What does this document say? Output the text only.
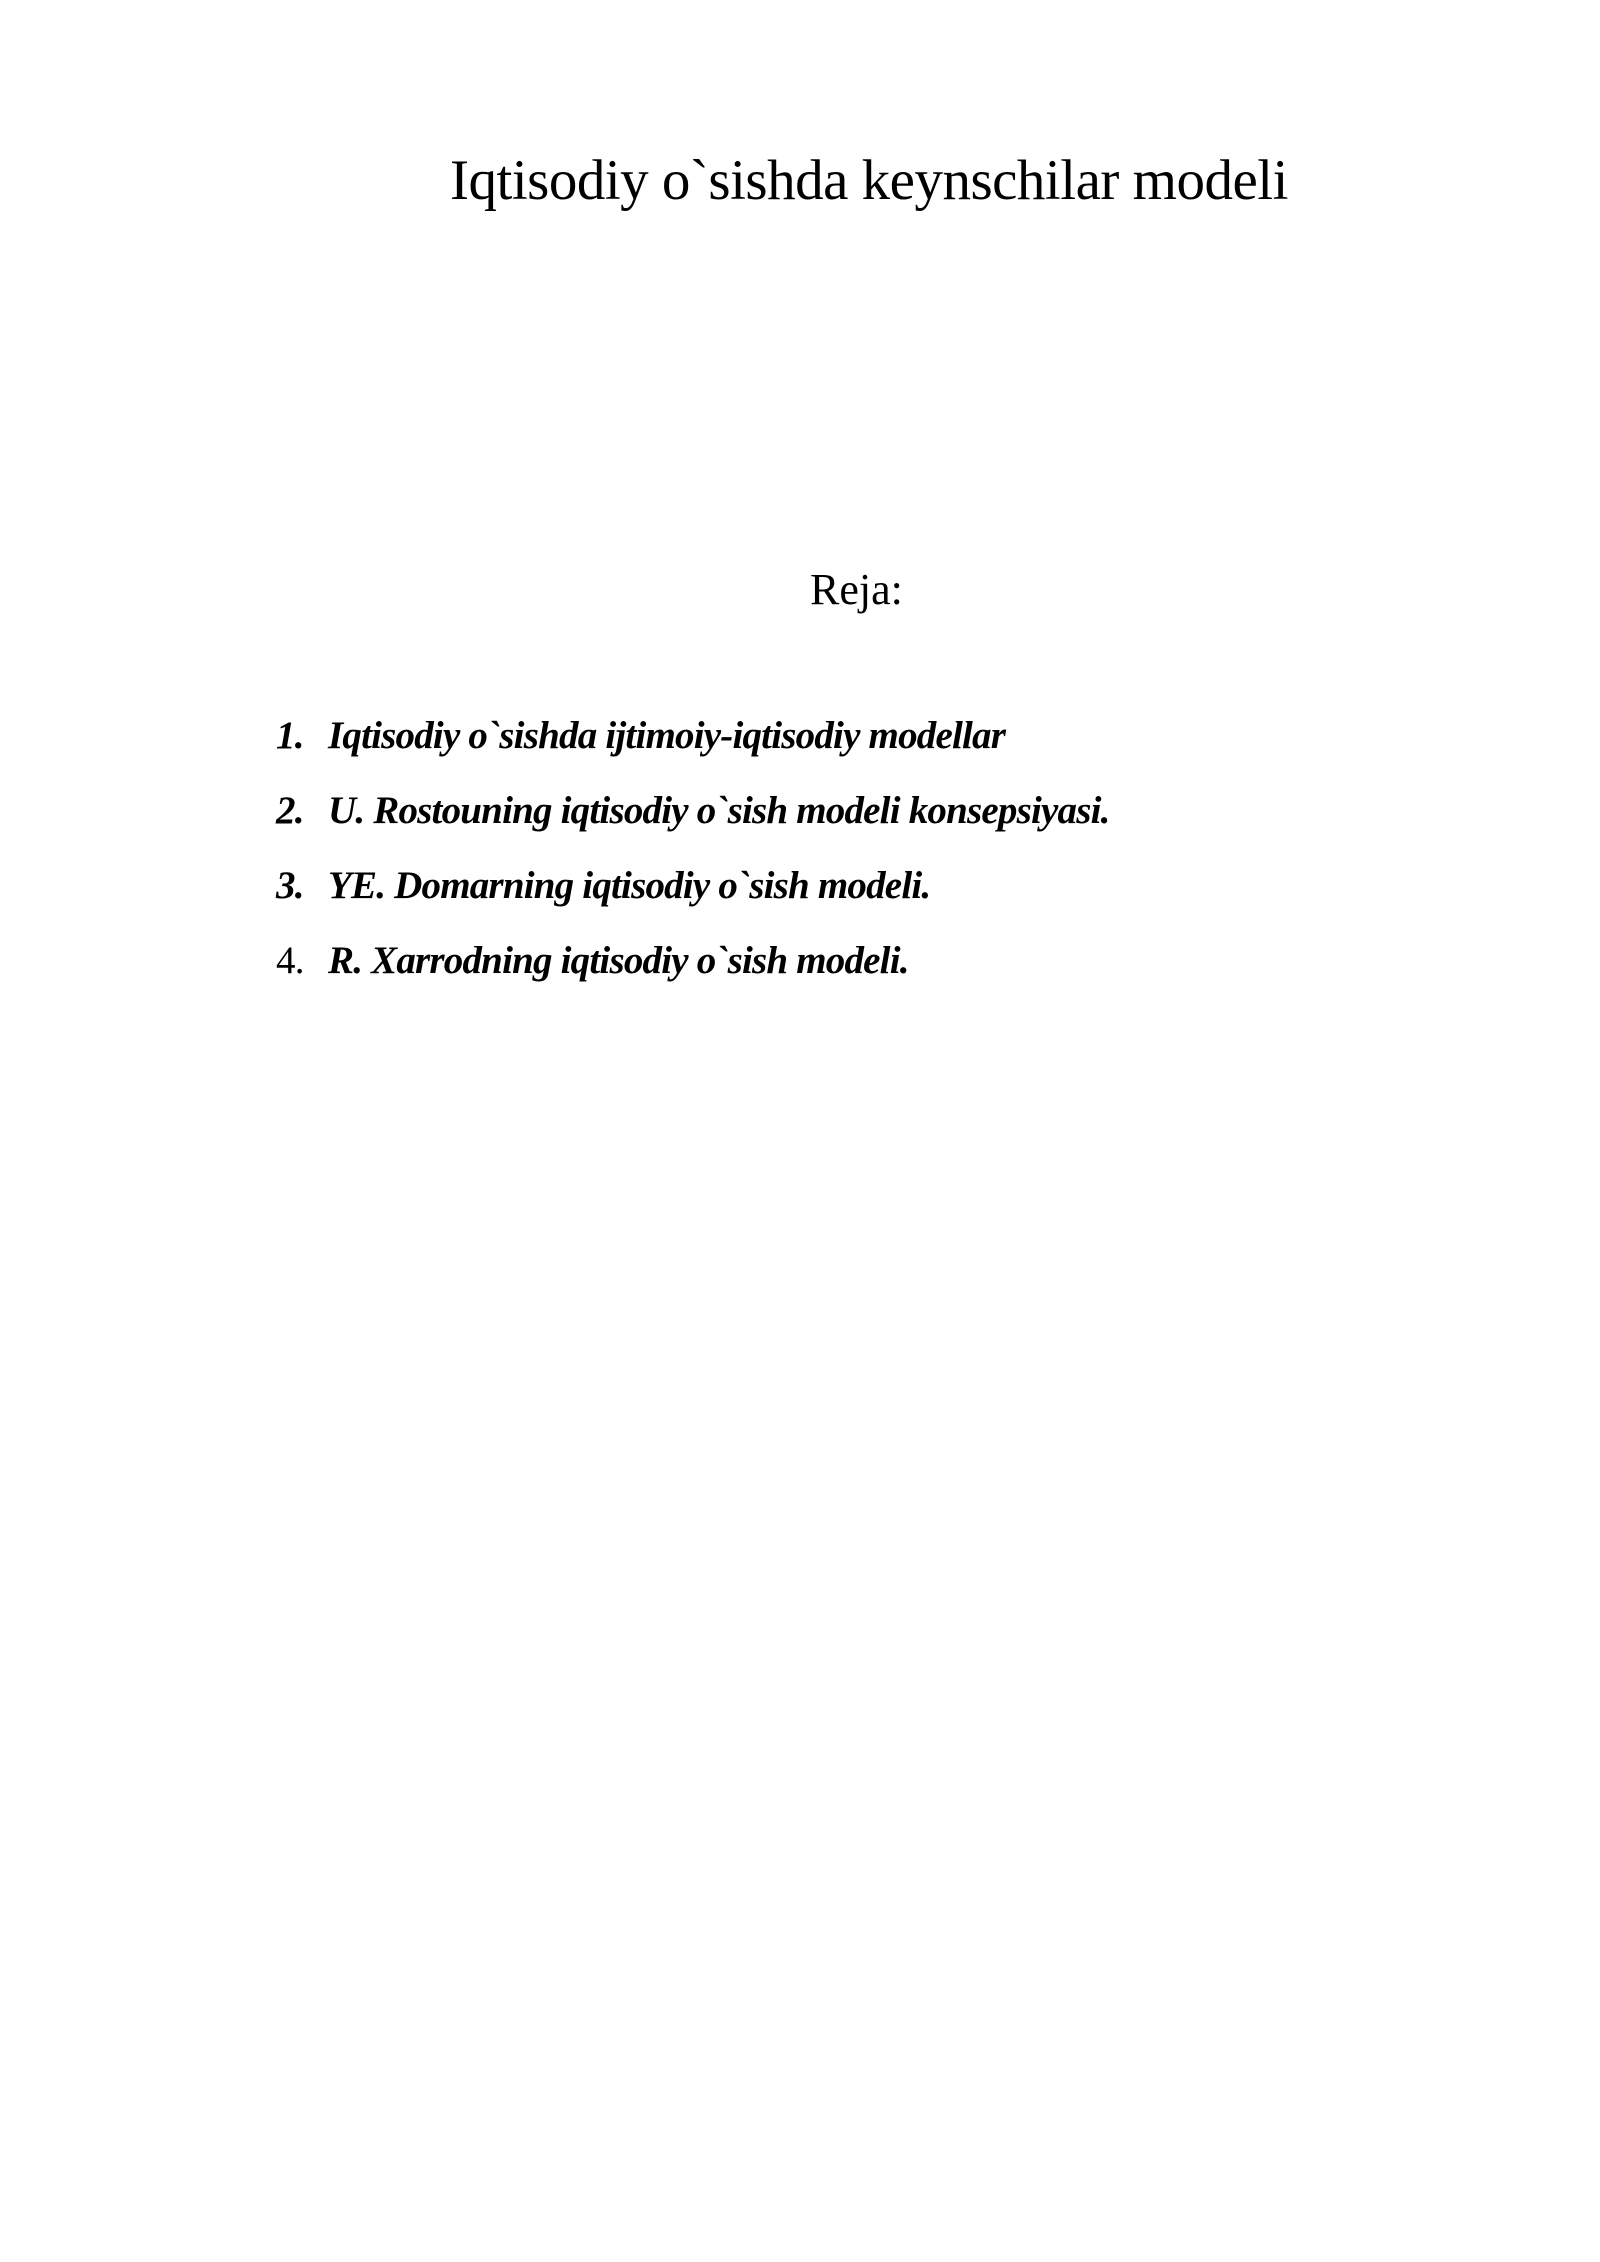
Iqtisodiy o`sishda keynschilar modeli
Reja:
1. Iqtisodiy o`sishda ijtimoiy-iqtisodiy modellar
2. U. Rostouning iqtisodiy o`sish modeli konsepsiyasi.
3. YE. Domarning iqtisodiy o`sish modeli.
4. R. Xarrodning iqtisodiy o`sish modeli.
